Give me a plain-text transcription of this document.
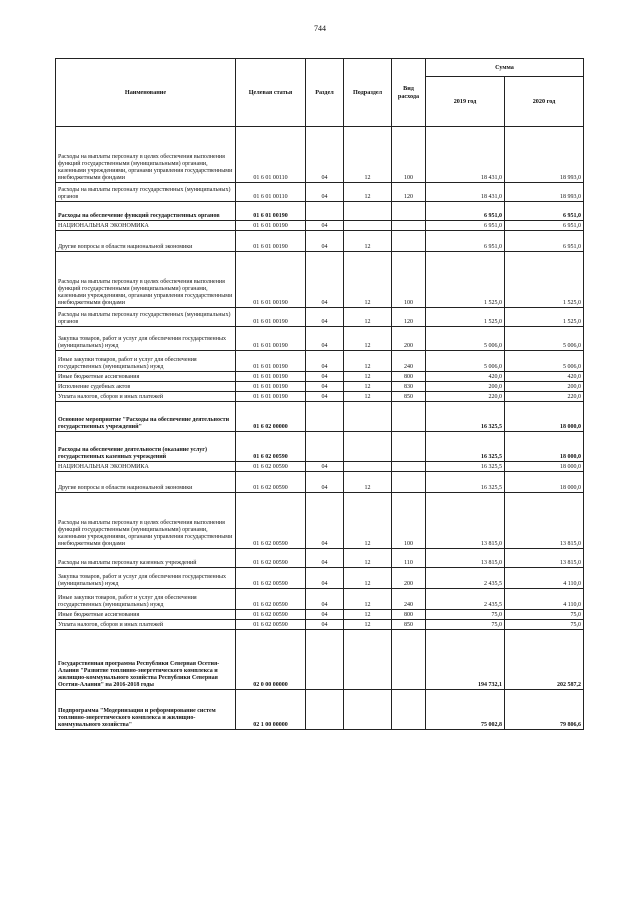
744
Наименование	Целевая статья	Раздел	Подраздел	Вид расхода	Сумма	
					2019 год	2020 год
Расходы на выплаты персоналу в целях обеспечения выполнения функций государственными (муниципальными) органами, казенными учреждениями, органами управления государственными внебюджетными фондами	01 6 01 00110	04	12	100	18 431,0	18 993,0
Расходы на выплаты персоналу государственных (муниципальных) органов	01 6 01 00110	04	12	120	18 431,0	18 993,0
Расходы на обеспечение функций государственных органов	01 6 01 00190				6 951,0	6 951,0
НАЦИОНАЛЬНАЯ ЭКОНОМИКА	01 6 01 00190	04			6 951,0	6 951,0
Другие вопросы в области национальной экономики	01 6 01 00190	04	12		6 951,0	6 951,0
Расходы на выплаты персоналу в целях обеспечения выполнения функций государственными (муниципальными) органами, казенными учреждениями, органами управления государственными внебюджетными фондами	01 6 01 00190	04	12	100	1 525,0	1 525,0
Расходы на выплаты персоналу государственных (муниципальных) органов	01 6 01 00190	04	12	120	1 525,0	1 525,0
Закупка товаров, работ и услуг для обеспечения государственных (муниципальных) нужд	01 6 01 00190	04	12	200	5 006,0	5 006,0
Иные закупки товаров, работ и услуг для обеспечения государственных (муниципальных) нужд	01 6 01 00190	04	12	240	5 006,0	5 006,0
Иные бюджетные ассигнования	01 6 01 00190	04	12	800	420,0	420,0
Исполнение судебных актов	01 6 01 00190	04	12	830	200,0	200,0
Уплата налогов, сборов и иных платежей	01 6 01 00190	04	12	850	220,0	220,0
Основное мероприятие "Расходы на обеспечение деятельности государственных учреждений"	01 6 02 00000				16 325,5	18 000,0
Расходы на обеспечение деятельности (оказание услуг) государственных казенных учреждений	01 6 02 00590				16 325,5	18 000,0
НАЦИОНАЛЬНАЯ ЭКОНОМИКА	01 6 02 00590	04			16 325,5	18 000,0
Другие вопросы в области национальной экономики	01 6 02 00590	04	12		16 325,5	18 000,0
Расходы на выплаты персоналу в целях обеспечения выполнения функций государственными (муниципальными) органами, казенными учреждениями, органами управления государственными внебюджетными фондами	01 6 02 00590	04	12	100	13 815,0	13 815,0
Расходы на выплаты персоналу казенных учреждений	01 6 02 00590	04	12	110	13 815,0	13 815,0
Закупка товаров, работ и услуг для обеспечения государственных (муниципальных) нужд	01 6 02 00590	04	12	200	2 435,5	4 110,0
Иные закупки товаров, работ и услуг для обеспечения государственных (муниципальных) нужд	01 6 02 00590	04	12	240	2 435,5	4 110,0
Иные бюджетные ассигнования	01 6 02 00590	04	12	800	75,0	75,0
Уплата налогов, сборов и иных платежей	01 6 02 00590	04	12	850	75,0	75,0
Государственная программа Республики Северная Осетия-Алания "Развитие топливно-энергетического комплекса и жилищно-коммунального хозяйства Республики Северная Осетия-Алания" на 2016-2018 годы	02 0 00 00000				194 732,1	202 587,2
Подпрограмма "Модернизация и реформирование систем топливно-энергетического комплекса и жилищно-коммунального хозяйства"	02 1 00 00000				75 002,8	79 806,6
